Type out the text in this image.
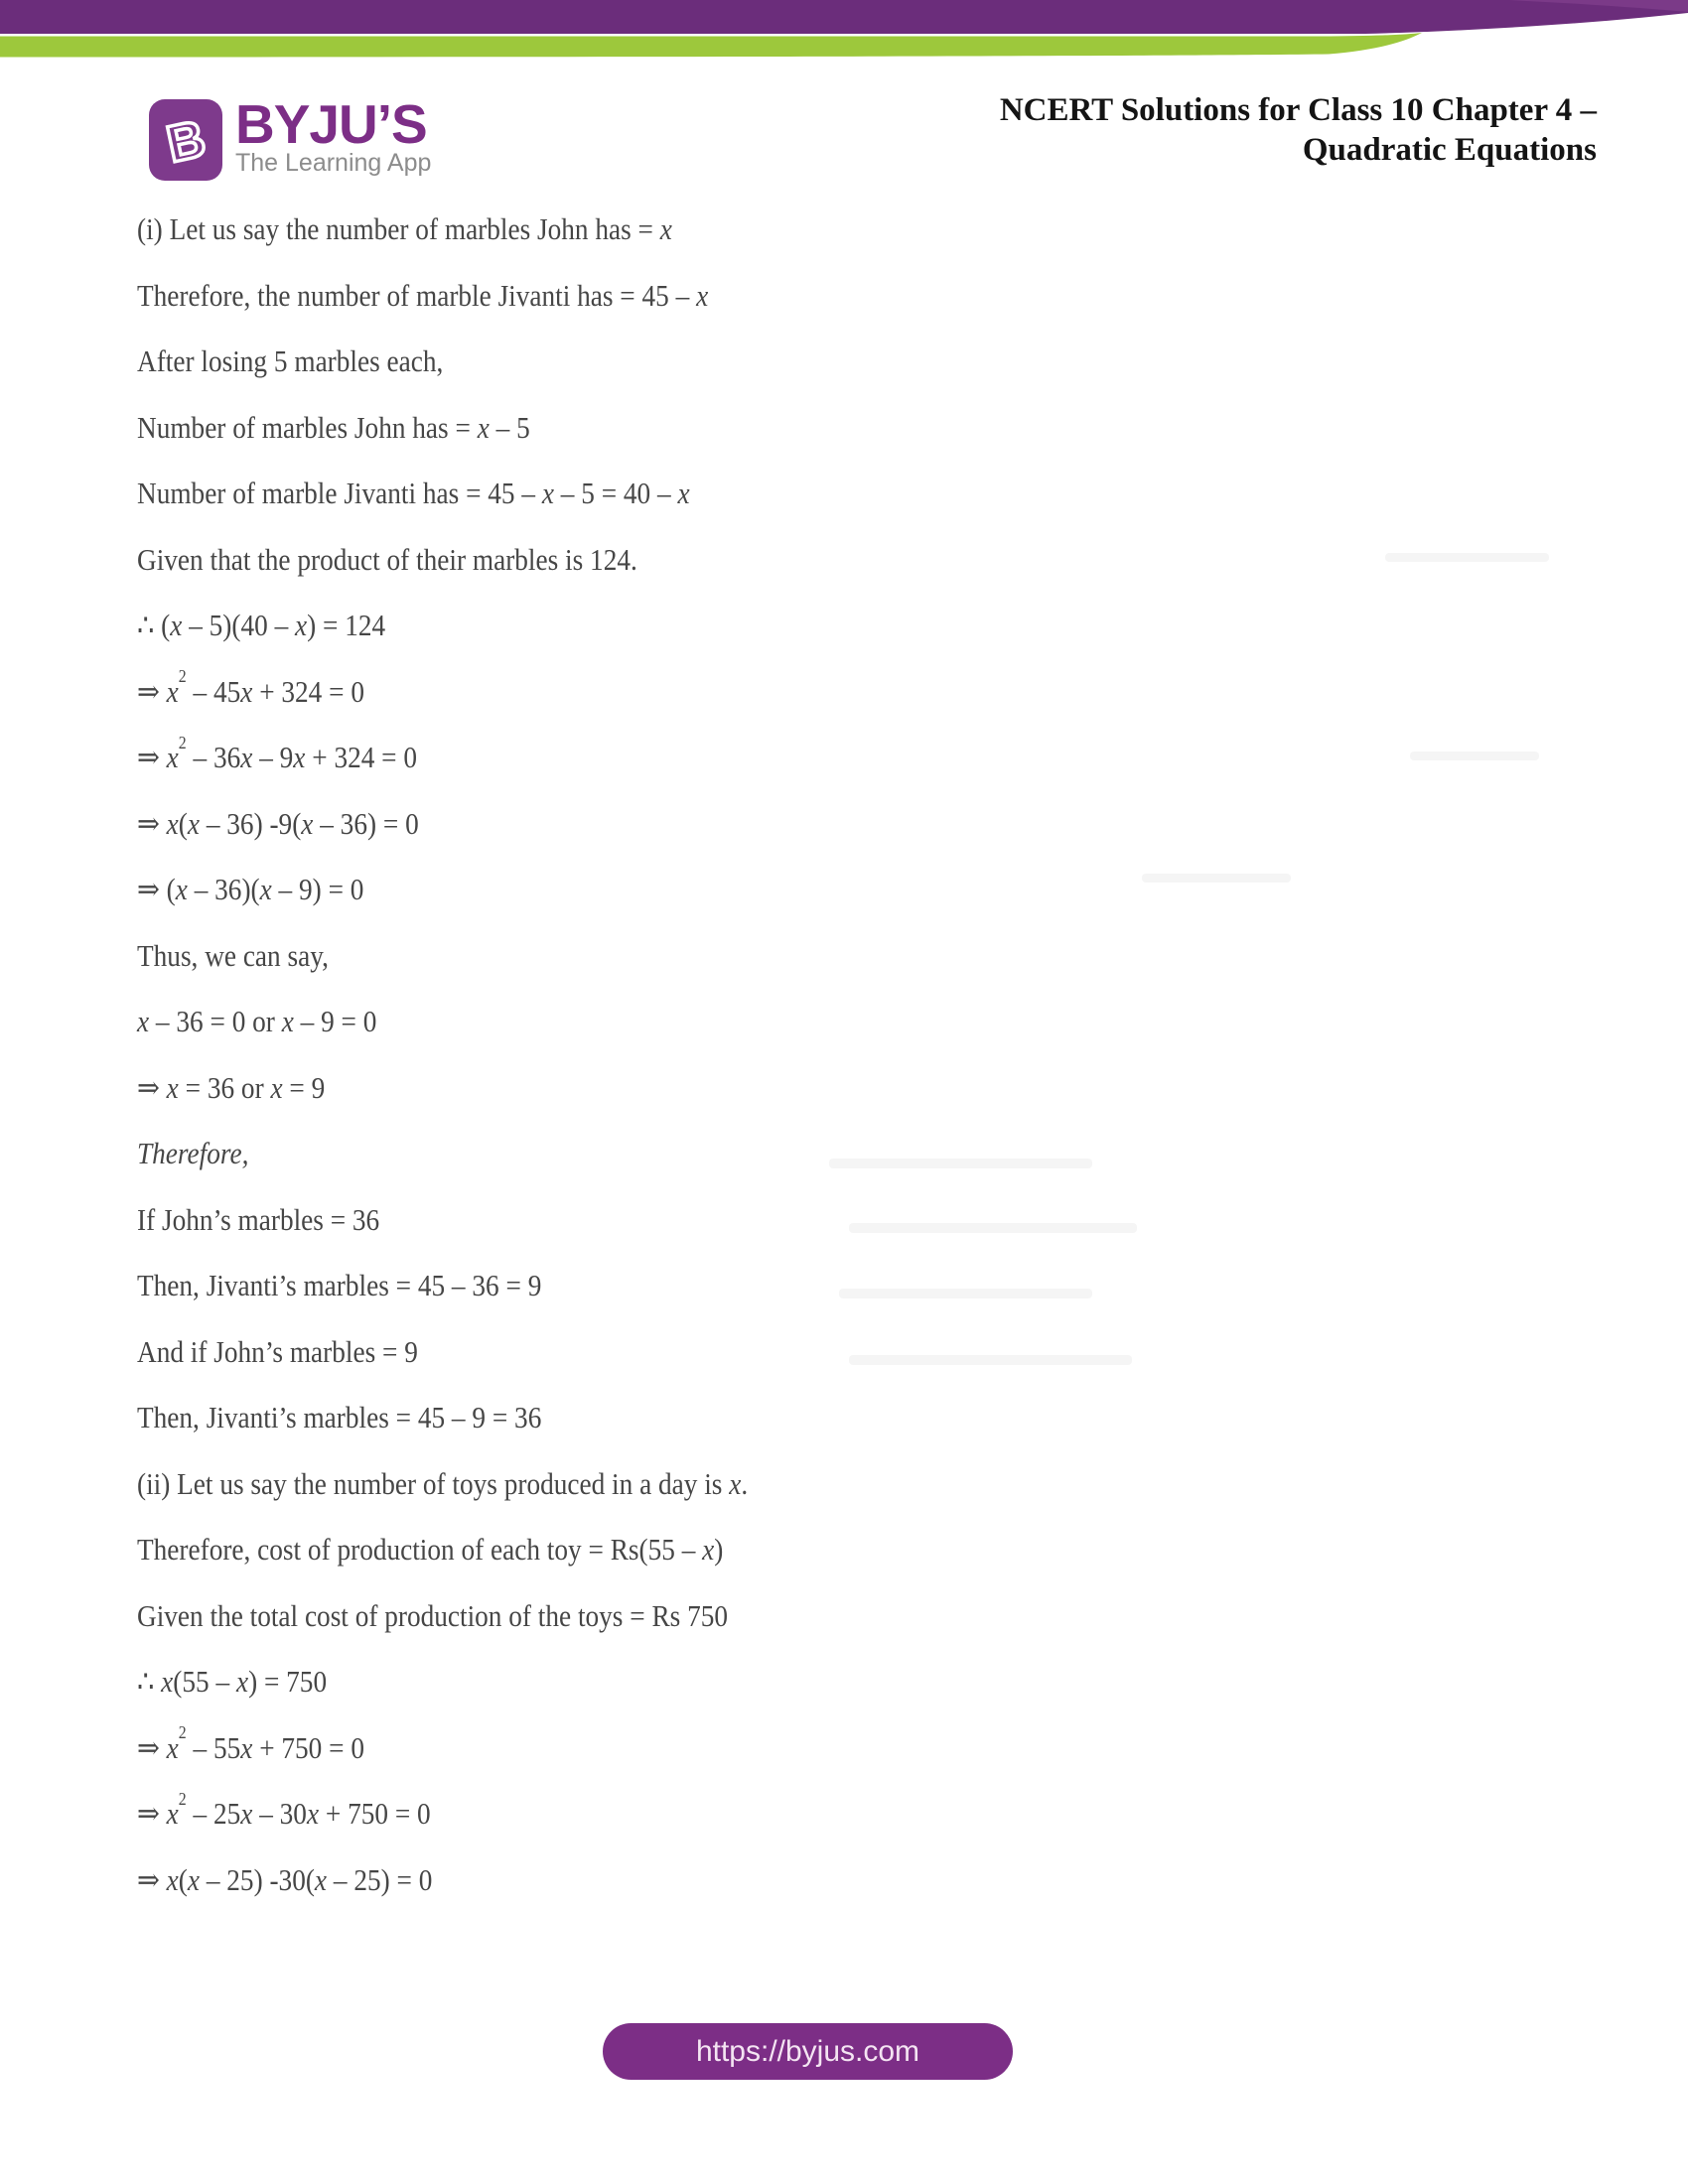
B BYJU’S
The Learning App
NCERT Solutions for Class 10 Chapter 4 –
Quadratic Equations

(i) Let us say the number of marbles John has = x

Therefore, the number of marble Jivanti has = 45 – x

After losing 5 marbles each,

Number of marbles John has = x – 5

Number of marble Jivanti has = 45 – x – 5 = 40 – x

Given that the product of their marbles is 124.

∴ (x – 5)(40 – x) = 124

⇒ $x^2 - 45x + 324 = 0$

⇒ $x^2 - 36x - 9x + 324 = 0$

⇒ x(x – 36) -9(x – 36) = 0

⇒ (x – 36)(x – 9) = 0

Thus, we can say,

x – 36 = 0 or x – 9 = 0

⇒ x = 36 or x = 9

Therefore,

If John’s marbles = 36

Then, Jivanti’s marbles = 45 – 36 = 9

And if John’s marbles = 9

Then, Jivanti’s marbles = 45 – 9 = 36

(ii) Let us say the number of toys produced in a day is x.

Therefore, cost of production of each toy = Rs(55 – x)

Given the total cost of production of the toys = Rs 750

∴ x(55 – x) = 750

⇒ $x^2 - 55x + 750 = 0$

⇒ $x^2 - 25x - 30x + 750 = 0$

⇒ x(x – 25) -30(x – 25) = 0

https://byjus.com
